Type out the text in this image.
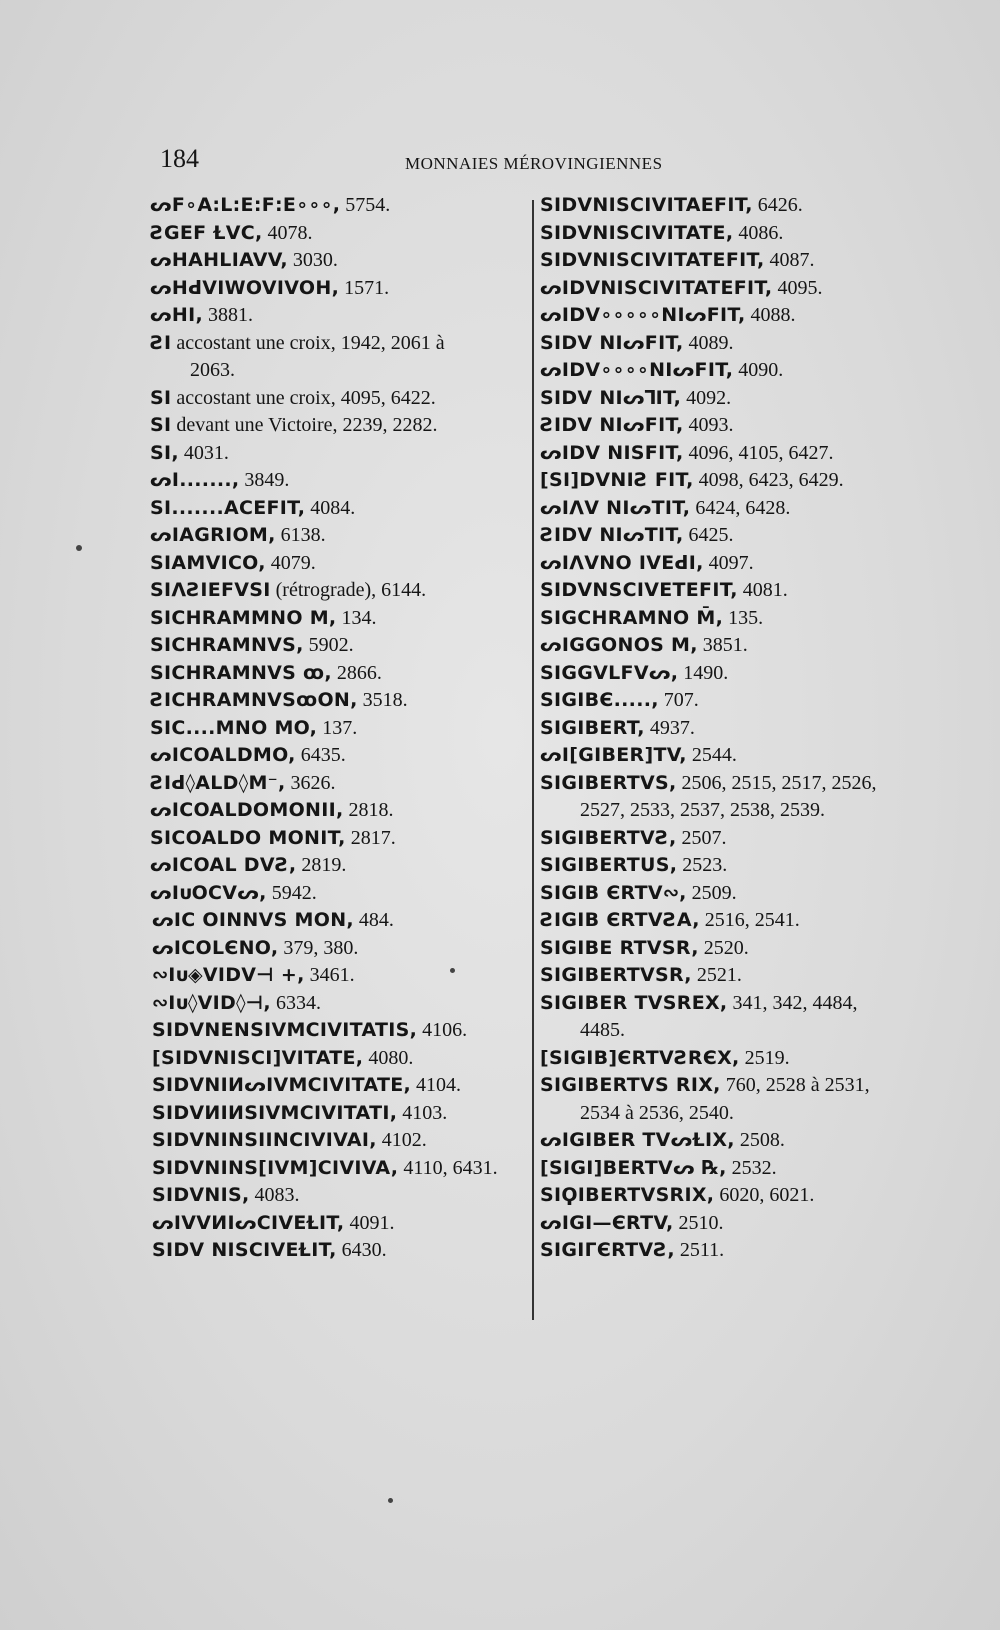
184	MONNAIES MÉROVINGIENNES
ᔕF∘A꞉L꞉E꞉F꞉E∘∘∘, 5754.
ƧGEF ⱢVC, 4078.
ᔕHAHLIAVV, 3030.
ᔕHꓒVIWOVIVOH, 1571.
ᔕHI, 3881.
ƧI accostant une croix, 1942, 2061 à
2063.
SI accostant une croix, 4095, 6422.
SI devant une Victoire, 2239, 2282.
SI, 4031.
ᔕI......., 3849.
SI.......ACEFIT, 4084.
ᔕIAGRIOM, 6138.
SIAMVICO, 4079.
SIΛƧIEFVSI (rétrograde), 6144.
SICHRAMMNO M, 134.
SICHRAMNVS, 5902.
SICHRAMNVS ꝏ, 2866.
ƧICHRAMNVSꝏON, 3518.
SIC....MNO MO, 137.
ᔕICOALDMO, 6435.
ƧIꓒ◊ALD◊M⁻, 3626.
ᔕICOALDOMONII, 2818.
SICOALDO MONIT, 2817.
ᔕICOAL DVƧ, 2819.
ᔕIᴜOCVᔕ, 5942.
ᔕIC OINNVS MON, 484.
ᔕICOLЄNO, 379, 380.
∾Iᴜ◈VIDV⊣ +, 3461.
∾Iᴜ◊VID◊⊣, 6334.
SIDVNENSIVMCIVITATIS, 4106.
[SIDVNISCI]VITATE, 4080.
SIDVNIИᔕIVMCIVITATE, 4104.
SIDVИIИSIVMCIVITATI, 4103.
SIDVNINSIINCIVIVAI, 4102.
SIDVNINS[IVM]CIVIVA, 4110, 6431.
SIDVNIS, 4083.
ᔕIVVИIᔕCIVEⱢIT, 4091.
SIDV NISCIVEⱢIT, 6430.
SIDVNISCIVITAEFIT, 6426.
SIDVNISCIVITATE, 4086.
SIDVNISCIVITATEFIT, 4087.
ᔕIDVNISCIVITATEFIT, 4095.
ᔕIDV∘∘∘∘∘NIᔕFIT, 4088.
SIDV NIᔕFIT, 4089.
ᔕIDV∘∘∘∘NIᔕFIT, 4090.
SIDV NIᔕꓶIT, 4092.
ƧIDV NIᔕFIT, 4093.
ᔕIDV NISFIT, 4096, 4105, 6427.
[SI]DVNIƧ FIT, 4098, 6423, 6429.
ᔕIΛV NIᔕTIT, 6424, 6428.
ƧIDV NIᔕTIT, 6425.
ᔕIΛVNO IVEꓒI, 4097.
SIDVNSCIVETEFIT, 4081.
SIGCHRAMNO M̄, 135.
ᔕIGGONOS M, 3851.
SIGGVLFVᔕ, 1490.
SIGIBЄ....., 707.
SIGIBERT, 4937.
ᔕI[GIBER]TV, 2544.
SIGIBERTVS, 2506, 2515, 2517, 2526,
2527, 2533, 2537, 2538, 2539.
SIGIBERTVƧ, 2507.
SIGIBERTUS, 2523.
SIGIB ЄRTV∾, 2509.
ƧIGIB ЄRTVƧA, 2516, 2541.
SIGIBE RTVSR, 2520.
SIGIBERTVSR, 2521.
SIGIBER TVSREX, 341, 342, 4484,
4485.
[SIGIB]ЄRTVƧRЄX, 2519.
SIGIBERTVS RIX, 760, 2528 à 2531,
2534 à 2536, 2540.
ᔕIGIBER TVᔕⱢIX, 2508.
[SIGI]BERTVᔕ ℞, 2532.
SIϘIBERTVSRIX, 6020, 6021.
ᔕIGI—ЄRTV, 2510.
SIGIᒥЄRTVƧ, 2511.
